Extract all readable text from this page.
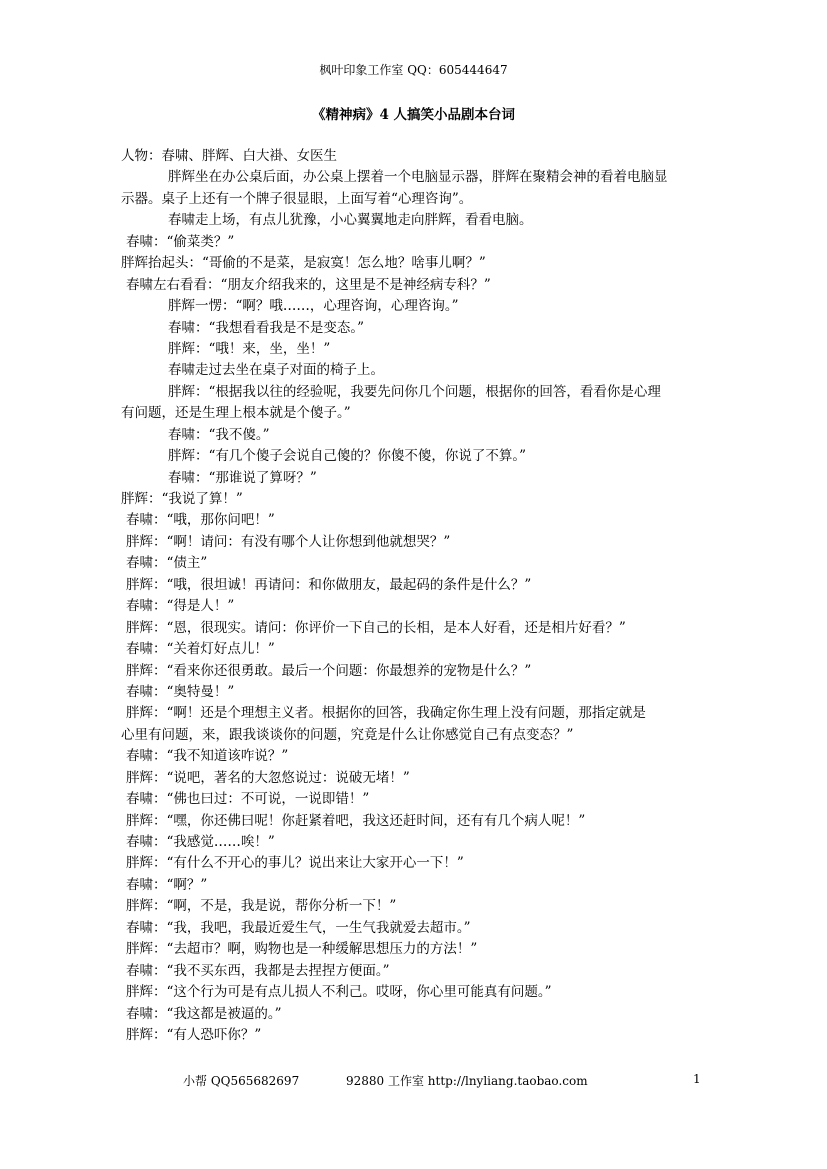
枫叶印象工作室 QQ：605444647
《精神病》4 人搞笑小品剧本台词
人物：春啸、胖辉、白大褂、女医生
胖辉坐在办公桌后面，办公桌上摆着一个电脑显示器，胖辉在聚精会神的看着电脑显
示器。桌子上还有一个牌子很显眼，上面写着“心理咨询”。
春啸走上场，有点儿犹豫，小心翼翼地走向胖辉，看看电脑。
春啸：“偷菜类？”
胖辉抬起头：“哥偷的不是菜，是寂寞！怎么地？啥事儿啊？”
春啸左右看看：“朋友介绍我来的，这里是不是神经病专科？”
胖辉一愣：“啊？哦……，心理咨询，心理咨询。”
春啸：“我想看看我是不是变态。”
胖辉：“哦！来，坐，坐！”
春啸走过去坐在桌子对面的椅子上。
胖辉：“根据我以往的经验呢，我要先问你几个问题，根据你的回答，看看你是心理
有问题，还是生理上根本就是个傻子。”
春啸：“我不傻。”
胖辉：“有几个傻子会说自己傻的？你傻不傻，你说了不算。”
春啸：“那谁说了算呀？”
胖辉：“我说了算！”
春啸：“哦，那你问吧！”
胖辉：“啊！请问：有没有哪个人让你想到他就想哭？”
春啸：“债主”
胖辉：“哦，很坦诚！再请问：和你做朋友，最起码的条件是什么？”
春啸：“得是人！”
胖辉：“恩，很现实。请问：你评价一下自己的长相，是本人好看，还是相片好看？”
春啸：“关着灯好点儿！”
胖辉：“看来你还很勇敢。最后一个问题：你最想养的宠物是什么？”
春啸：“奥特曼！”
胖辉：“啊！还是个理想主义者。根据你的回答，我确定你生理上没有问题，那指定就是
心里有问题，来，跟我谈谈你的问题，究竟是什么让你感觉自己有点变态？”
春啸：“我不知道该咋说？”
胖辉：“说吧，著名的大忽悠说过：说破无堵！”
春啸：“佛也曰过：不可说，一说即错！”
胖辉：“嘿，你还佛曰呢！你赶紧着吧，我这还赶时间，还有有几个病人呢！”
春啸：“我感觉……唉！”
胖辉：“有什么不开心的事儿？说出来让大家开心一下！”
春啸：“啊？”
胖辉：“啊，不是，我是说，帮你分析一下！”
春啸：“我，我吧，我最近爱生气，一生气我就爱去超市。”
胖辉：“去超市？啊，购物也是一种缓解思想压力的方法！”
春啸：“我不买东西，我都是去捏捏方便面。”
胖辉：“这个行为可是有点儿损人不利己。哎呀，你心里可能真有问题。”
春啸：“我这都是被逼的。”
胖辉：“有人恐吓你？”
小帮 QQ565682697	92880 工作室 http://lnyliang.taobao.com	1
